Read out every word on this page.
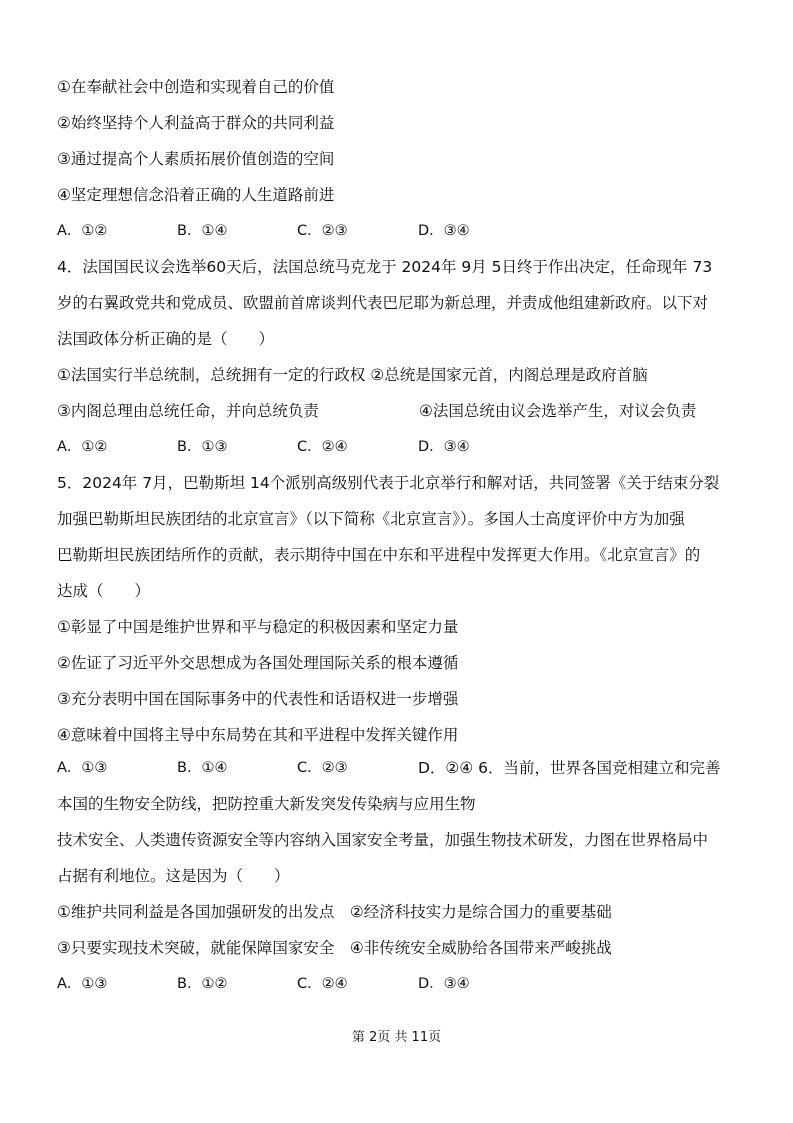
①在奉献社会中创造和实现着自己的价值
②始终坚持个人利益高于群众的共同利益
③通过提高个人素质拓展价值创造的空间
④坚定理想信念沿着正确的人生道路前进
A．①②	B．①④	C．②③	D．③④
4．法国国民议会选举60天后，法国总统马克龙于 2024年 9月 5日终于作出决定，任命现年 73
岁的右翼政党共和党成员、欧盟前首席谈判代表巴尼耶为新总理，并责成他组建新政府。以下对
法国政体分析正确的是（　　）
①法国实行半总统制，总统拥有一定的行政权 ②总统是国家元首，内阁总理是政府首脑
③内阁总理由总统任命，并向总统负责	④法国总统由议会选举产生，对议会负责
A．①②	B．①③	C．②④	D．③④
5．2024年 7月，巴勒斯坦 14个派别高级别代表于北京举行和解对话，共同签署《关于结束分裂
加强巴勒斯坦民族团结的北京宣言》（以下简称《北京宣言》）。多国人士高度评价中方为加强
巴勒斯坦民族团结所作的贡献，表示期待中国在中东和平进程中发挥更大作用。《北京宣言》的
达成（　　）
①彰显了中国是维护世界和平与稳定的积极因素和坚定力量
②佐证了习近平外交思想成为各国处理国际关系的根本遵循
③充分表明中国在国际事务中的代表性和话语权进一步增强
④意味着中国将主导中东局势在其和平进程中发挥关键作用
A．①③	B．①④	C．②③	D．②④ 6．当前，世界各国竞相建立和完善
本国的生物安全防线，把防控重大新发突发传染病与应用生物
技术安全、人类遗传资源安全等内容纳入国家安全考量，加强生物技术研发，力图在世界格局中
占据有利地位。这是因为（　　）
①维护共同利益是各国加强研发的出发点　②经济科技实力是综合国力的重要基础
③只要实现技术突破，就能保障国家安全　④非传统安全威胁给各国带来严峻挑战
A．①③	B．①②	C．②④	D．③④
第 2页 共 11页
